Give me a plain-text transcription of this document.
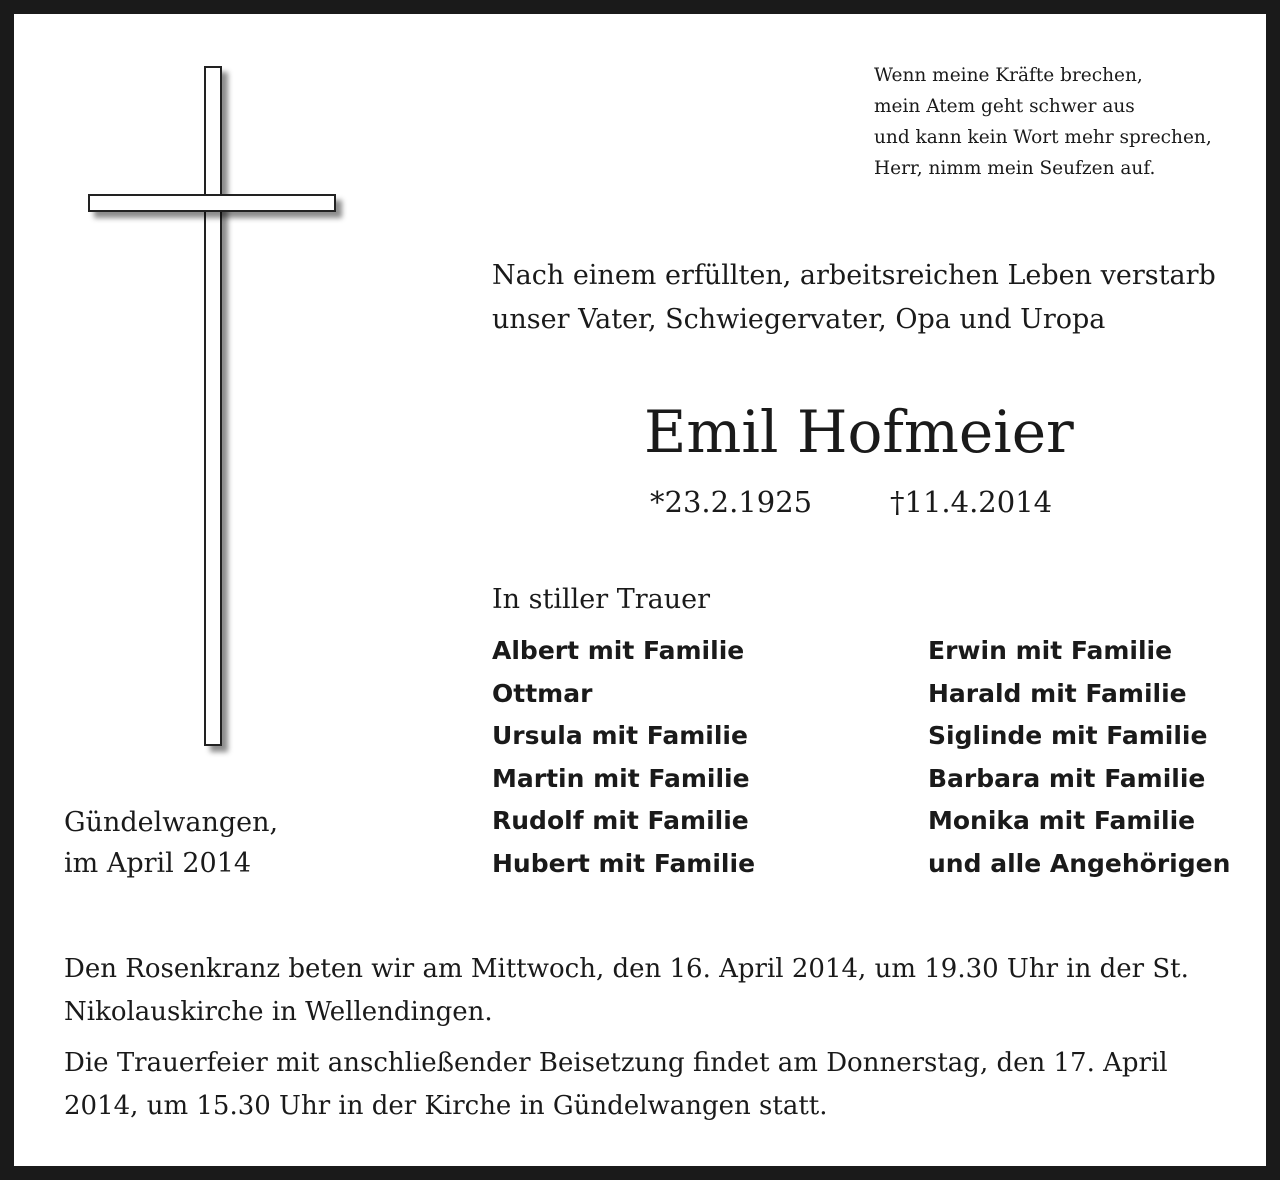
Wenn meine Kräfte brechen,
mein Atem geht schwer aus
und kann kein Wort mehr sprechen,
Herr, nimm mein Seufzen auf.
Nach einem erfüllten, arbeitsreichen Leben verstarb
unser Vater, Schwiegervater, Opa und Uropa
Emil Hofmeier
*23.2.1925	†11.4.2014
In stiller Trauer
Albert mit Familie
Ottmar
Ursula mit Familie
Martin mit Familie
Rudolf mit Familie
Hubert mit Familie
Erwin mit Familie
Harald mit Familie
Siglinde mit Familie
Barbara mit Familie
Monika mit Familie
und alle Angehörigen
Gündelwangen,
im April 2014

Den Rosenkranz beten wir am Mittwoch, den 16. April 2014, um 19.30 Uhr in der St. Nikolauskirche in Wellendingen.

Die Trauerfeier mit anschließender Beisetzung findet am Donnerstag, den 17. April 2014, um 15.30 Uhr in der Kirche in Gündelwangen statt.
